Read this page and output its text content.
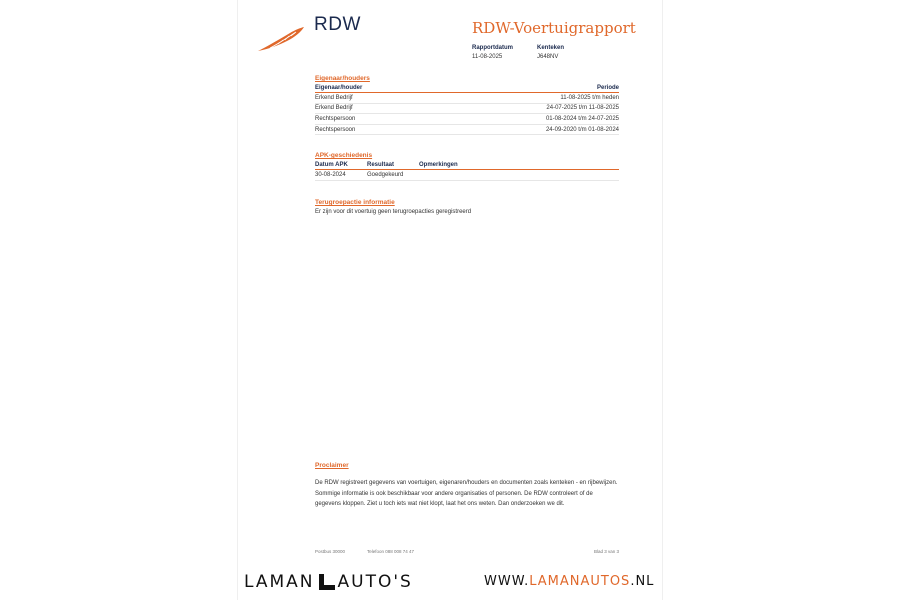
RDW	RDW-Voertuigrapport
Rapportdatum
11-08-2025
Kenteken
J648NV
Eigenaar/houders
Eigenaar/houder	Periode
Erkend Bedrijf	11-08-2025 t/m heden
Erkend Bedrijf	24-07-2025 t/m 11-08-2025
Rechtspersoon	01-08-2024 t/m 24-07-2025
Rechtspersoon	24-09-2020 t/m 01-08-2024
APK-geschiedenis
Datum APK	Resultaat	Opmerkingen
30-08-2024	Goedgekeurd	
Terugroepactie informatie
Er zijn voor dit voertuig geen terugroepacties geregistreerd
Proclaimer
De RDW registreert gegevens van voertuigen, eigenaren/houders en documenten zoals kenteken - en rijbewijzen. Sommige informatie is ook beschikbaar voor andere organisaties of personen. De RDW controleert of de gegevens kloppen. Ziet u toch iets wat niet klopt, laat het ons weten. Dan onderzoeken we dit.
Postbus 30000	Telefoon 088 008 74 47	Blad 3 van 3
LAMAN AUTO'S	WWW.LAMANAUTOS.NL
